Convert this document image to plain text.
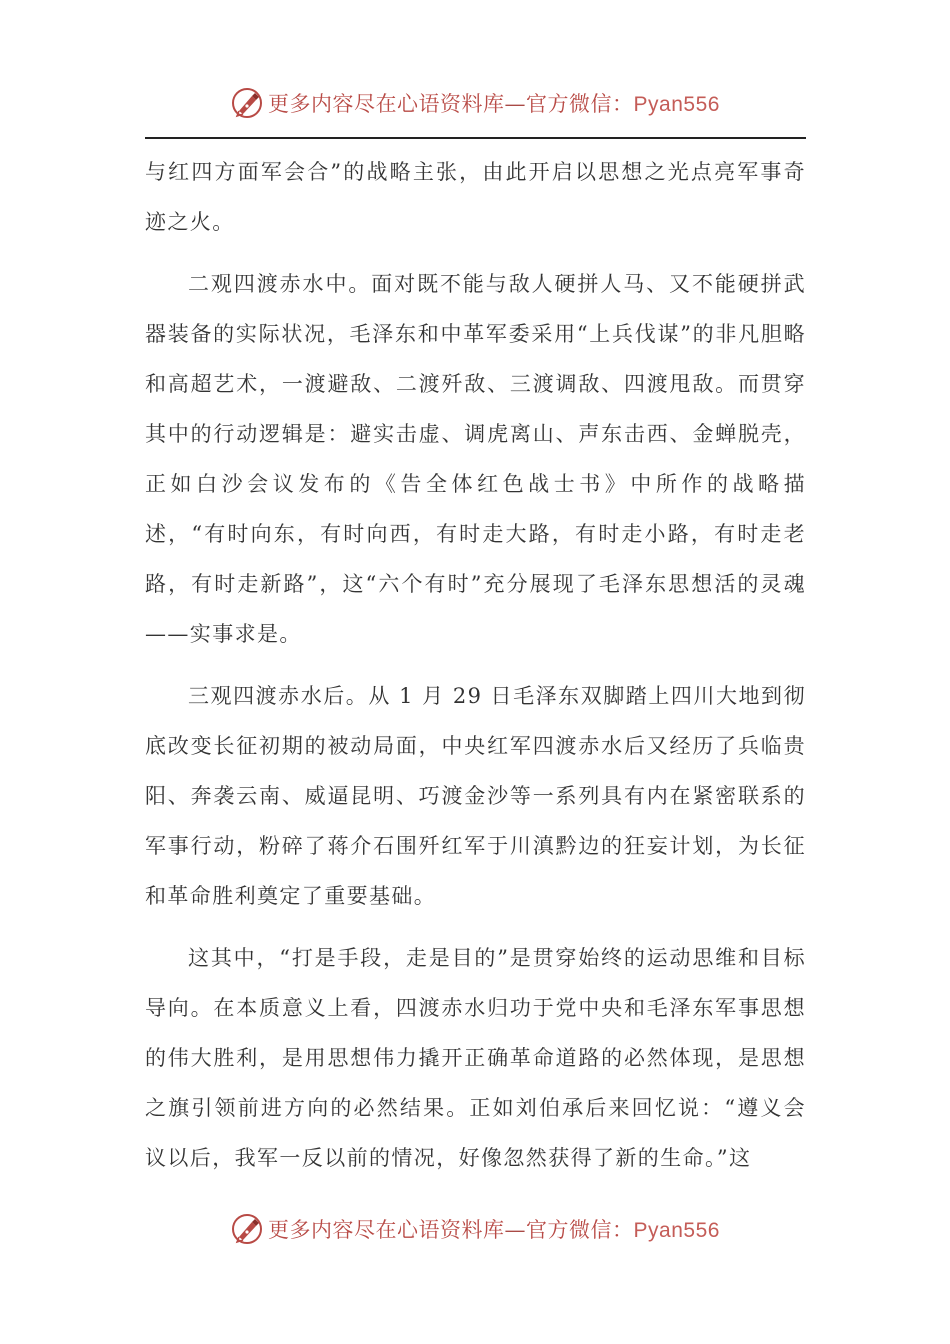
更多内容尽在心语资料库—官方微信：Pyan556

与红四方面军会合”的战略主张，由此开启以思想之光点亮军事奇迹之火。

二观四渡赤水中。面对既不能与敌人硬拼人马、又不能硬拼武器装备的实际状况，毛泽东和中革军委采用“上兵伐谋”的非凡胆略和高超艺术，一渡避敌、二渡歼敌、三渡调敌、四渡甩敌。而贯穿其中的行动逻辑是：避实击虚、调虎离山、声东击西、金蝉脱壳，正如白沙会议发布的《告全体红色战士书》中所作的战略描述，“有时向东，有时向西，有时走大路，有时走小路，有时走老路，有时走新路”，这“六个有时”充分展现了毛泽东思想活的灵魂——实事求是。

三观四渡赤水后。从 1 月 29 日毛泽东双脚踏上四川大地到彻底改变长征初期的被动局面，中央红军四渡赤水后又经历了兵临贵阳、奔袭云南、威逼昆明、巧渡金沙等一系列具有内在紧密联系的军事行动，粉碎了蒋介石围歼红军于川滇黔边的狂妄计划，为长征和革命胜利奠定了重要基础。

这其中，“打是手段，走是目的”是贯穿始终的运动思维和目标导向。在本质意义上看，四渡赤水归功于党中央和毛泽东军事思想的伟大胜利，是用思想伟力撬开正确革命道路的必然体现，是思想之旗引领前进方向的必然结果。正如刘伯承后来回忆说：“遵义会议以后，我军一反以前的情况，好像忽然获得了新的生命。”这

更多内容尽在心语资料库—官方微信：Pyan556
